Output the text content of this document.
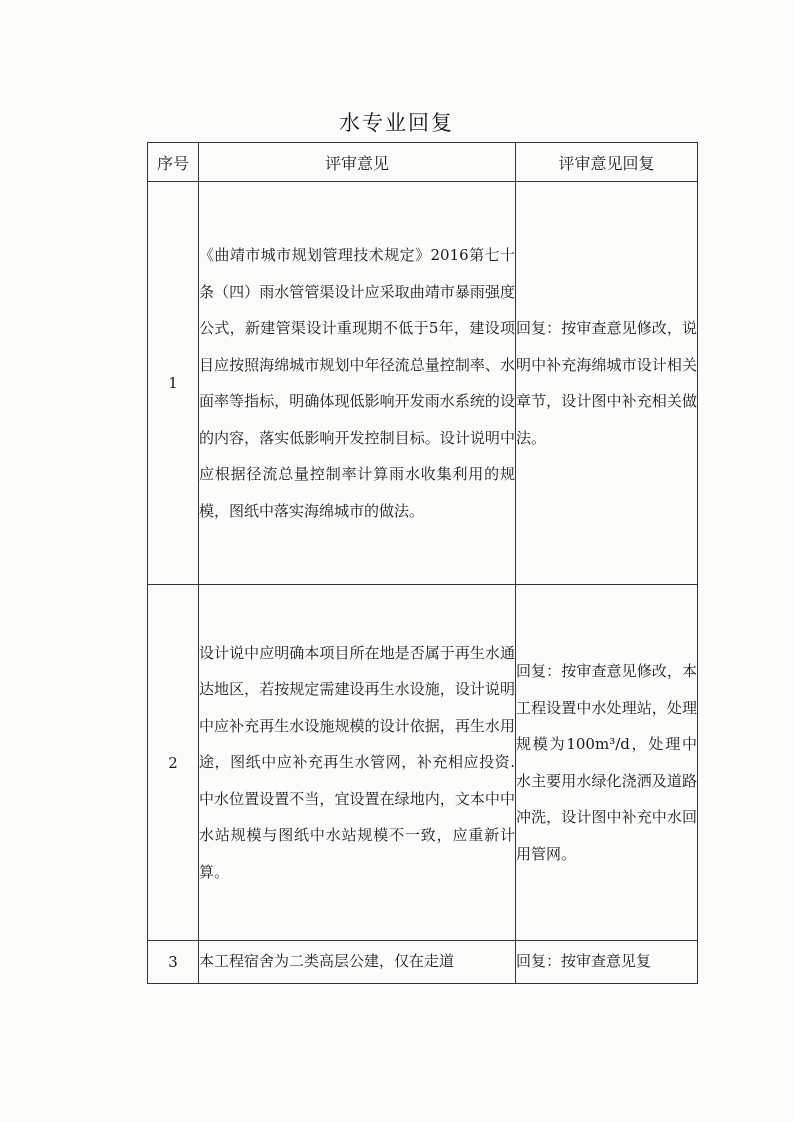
水专业回复
序号	评审意见	评审意见回复
1	《曲靖市城市规划管理技术规定》2016第七十条（四）雨水管管渠设计应采取曲靖市暴雨强度公式，新建管渠设计重现期不低于5年，建设项目应按照海绵城市规划中年径流总量控制率、水面率等指标，明确体现低影响开发雨水系统的设的内容，落实低影响开发控制目标。设计说明中应根据径流总量控制率计算雨水收集利用的规模，图纸中落实海绵城市的做法。	回复：按审查意见修改，说明中补充海绵城市设计相关章节，设计图中补充相关做法。

2	设计说中应明确本项目所在地是否属于再生水通达地区，若按规定需建设再生水设施，设计说明中应补充再生水设施规模的设计依据，再生水用途，图纸中应补充再生水管网，补充相应投资.中水位置设置不当，宜设置在绿地内，文本中中水站规模与图纸中水站规模不一致，应重新计算。	回复：按审查意见修改，本工程设置中水处理站，处理规模为100m³/d，处理中水主要用水绿化浇洒及道路冲洗，设计图中补充中水回用管网。

3	本工程宿舍为二类高层公建，仅在走道	回复：按审查意见复
